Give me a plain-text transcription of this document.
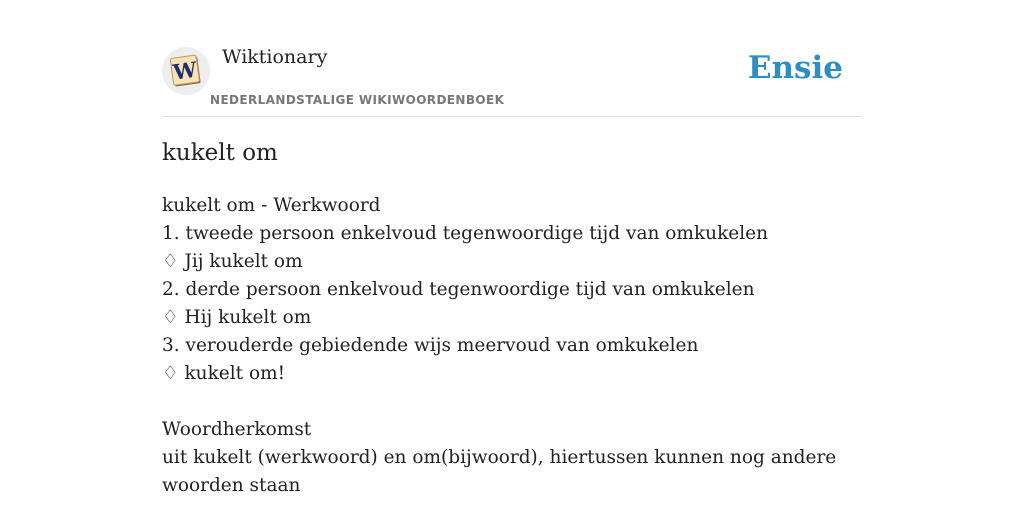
W Wiktionary
NEDERLANDSTALIGE WIKIWOORDENBOEK
Ensie
kukelt om
kukelt om - Werkwoord
1. tweede persoon enkelvoud tegenwoordige tijd van omkukelen
♢ Jij kukelt om
2. derde persoon enkelvoud tegenwoordige tijd van omkukelen
♢ Hij kukelt om
3. verouderde gebiedende wijs meervoud van omkukelen
♢ kukelt om!
Woordherkomst
uit kukelt (werkwoord) en om(bijwoord), hiertussen kunnen nog andere woorden staan
